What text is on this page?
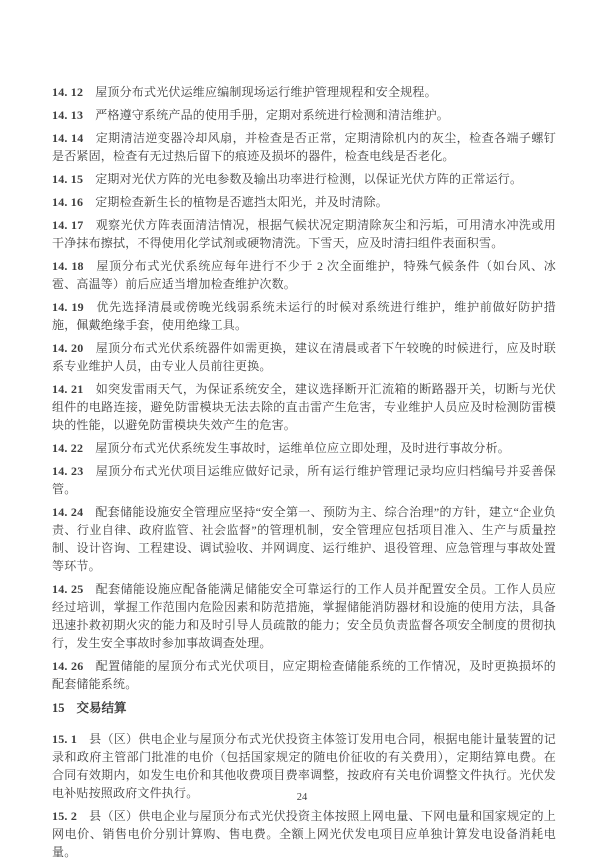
14. 12 屋顶分布式光伏运维应编制现场运行维护管理规程和安全规程。

14. 13 严格遵守系统产品的使用手册，定期对系统进行检测和清洁维护。

14. 14 定期清洁逆变器冷却风扇，并检查是否正常，定期清除机内的灰尘，检查各端子螺钉是否紧固，检查有无过热后留下的痕迹及损坏的器件，检查电线是否老化。

14. 15 定期对光伏方阵的光电参数及输出功率进行检测，以保证光伏方阵的正常运行。

14. 16 定期检查新生长的植物是否遮挡太阳光，并及时清除。

14. 17 观察光伏方阵表面清洁情况，根据气候状况定期清除灰尘和污垢，可用清水冲洗或用干净抹布擦拭，不得使用化学试剂或硬物清洗。下雪天，应及时清扫组件表面积雪。

14. 18 屋顶分布式光伏系统应每年进行不少于 2 次全面维护，特殊气候条件（如台风、冰雹、高温等）前后应适当增加检查维护次数。

14. 19 优先选择清晨或傍晚光线弱系统未运行的时候对系统进行维护，维护前做好防护措施，佩戴绝缘手套，使用绝缘工具。

14. 20 屋顶分布式光伏系统器件如需更换，建议在清晨或者下午较晚的时候进行，应及时联系专业维护人员，由专业人员前往更换。

14. 21 如突发雷雨天气，为保证系统安全，建议选择断开汇流箱的断路器开关，切断与光伏组件的电路连接，避免防雷模块无法去除的直击雷产生危害，专业维护人员应及时检测防雷模块的性能，以避免防雷模块失效产生的危害。

14. 22 屋顶分布式光伏系统发生事故时，运维单位应立即处理，及时进行事故分析。

14. 23 屋顶分布式光伏项目运维应做好记录，所有运行维护管理记录均应归档编号并妥善保管。

14. 24 配套储能设施安全管理应坚持“安全第一、预防为主、综合治理”的方针，建立“企业负责、行业自律、政府监管、社会监督”的管理机制，安全管理应包括项目准入、生产与质量控制、设计咨询、工程建设、调试验收、并网调度、运行维护、退役管理、应急管理与事故处置等环节。

14. 25 配套储能设施应配备能满足储能安全可靠运行的工作人员并配置安全员。工作人员应经过培训，掌握工作范围内危险因素和防范措施，掌握储能消防器材和设施的使用方法，具备迅速扑救初期火灾的能力和及时引导人员疏散的能力；安全员负责监督各项安全制度的贯彻执行，发生安全事故时参加事故调查处理。

14. 26 配置储能的屋顶分布式光伏项目，应定期检查储能系统的工作情况，及时更换损坏的配套储能系统。

15 交易结算

15. 1 县（区）供电企业与屋顶分布式光伏投资主体签订发用电合同，根据电能计量装置的记录和政府主管部门批准的电价（包括国家规定的随电价征收的有关费用），定期结算电费。在合同有效期内，如发生电价和其他收费项目费率调整，按政府有关电价调整文件执行。光伏发电补贴按照政府文件执行。

15. 2 县（区）供电企业与屋顶分布式光伏投资主体按照上网电量、下网电量和国家规定的上网电价、销售电价分别计算购、售电费。全额上网光伏发电项目应单独计算发电设备消耗电量。

24
